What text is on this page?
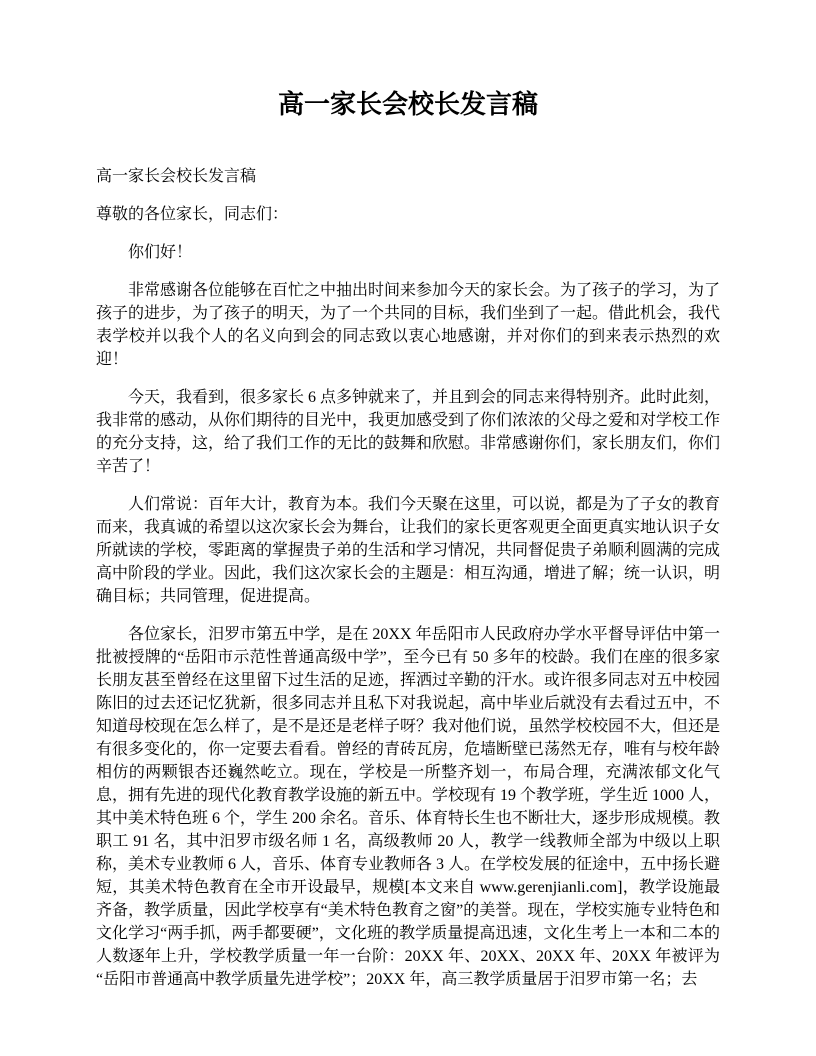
高一家长会校长发言稿

高一家长会校长发言稿

尊敬的各位家长，同志们：

你们好！

非常感谢各位能够在百忙之中抽出时间来参加今天的家长会。为了孩子的学习，为了孩子的进步，为了孩子的明天，为了一个共同的目标，我们坐到了一起。借此机会，我代表学校并以我个人的名义向到会的同志致以衷心地感谢，并对你们的到来表示热烈的欢迎！

今天，我看到，很多家长 6 点多钟就来了，并且到会的同志来得特别齐。此时此刻，我非常的感动，从你们期待的目光中，我更加感受到了你们浓浓的父母之爱和对学校工作的充分支持，这，给了我们工作的无比的鼓舞和欣慰。非常感谢你们，家长朋友们，你们辛苦了！

人们常说：百年大计，教育为本。我们今天聚在这里，可以说，都是为了子女的教育而来，我真诚的希望以这次家长会为舞台，让我们的家长更客观更全面更真实地认识子女所就读的学校，零距离的掌握贵子弟的生活和学习情况，共同督促贵子弟顺利圆满的完成高中阶段的学业。因此，我们这次家长会的主题是：相互沟通，增进了解；统一认识，明确目标；共同管理，促进提高。

各位家长，汨罗市第五中学，是在 20XX 年岳阳市人民政府办学水平督导评估中第一批被授牌的“岳阳市示范性普通高级中学”，至今已有 50 多年的校龄。我们在座的很多家长朋友甚至曾经在这里留下过生活的足迹，挥洒过辛勤的汗水。或许很多同志对五中校园陈旧的过去还记忆犹新，很多同志并且私下对我说起，高中毕业后就没有去看过五中，不知道母校现在怎么样了，是不是还是老样子呀？我对他们说，虽然学校校园不大，但还是有很多变化的，你一定要去看看。曾经的青砖瓦房，危墙断壁已荡然无存，唯有与校年龄相仿的两颗银杏还巍然屹立。现在，学校是一所整齐划一，布局合理，充满浓郁文化气息，拥有先进的现代化教育教学设施的新五中。学校现有 19 个教学班，学生近 1000 人，其中美术特色班 6 个，学生 200 余名。音乐、体育特长生也不断壮大，逐步形成规模。教职工 91 名，其中汨罗市级名师 1 名，高级教师 20 人，教学一线教师全部为中级以上职称，美术专业教师 6 人，音乐、体育专业教师各 3 人。在学校发展的征途中，五中扬长避短，其美术特色教育在全市开设最早，规模[本文来自 www.gerenjianli.com]，教学设施最齐备，教学质量，因此学校享有“美术特色教育之窗”的美誉。现在，学校实施专业特色和文化学习“两手抓，两手都要硬”，文化班的教学质量提高迅速，文化生考上一本和二本的人数逐年上升，学校教学质量一年一台阶：20XX 年、20XX、20XX 年、20XX 年被评为“岳阳市普通高中教学质量先进学校”；20XX 年，高三教学质量居于汨罗市第一名；去
